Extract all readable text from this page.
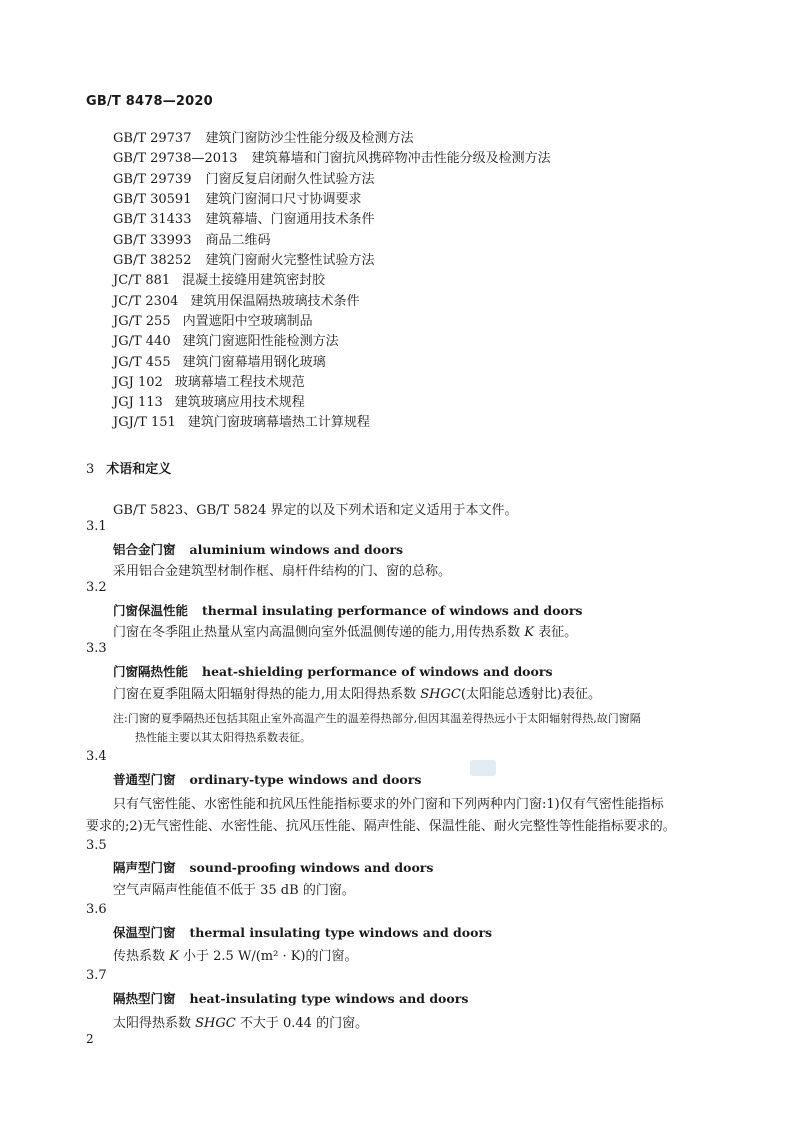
GB/T 8478—2020
GB/T 29737 建筑门窗防沙尘性能分级及检测方法
GB/T 29738—2013 建筑幕墙和门窗抗风携碎物冲击性能分级及检测方法
GB/T 29739 门窗反复启闭耐久性试验方法
GB/T 30591 建筑门窗洞口尺寸协调要求
GB/T 31433 建筑幕墙、门窗通用技术条件
GB/T 33993 商品二维码
GB/T 38252 建筑门窗耐火完整性试验方法
JC/T 881 混凝土接缝用建筑密封胶
JC/T 2304 建筑用保温隔热玻璃技术条件
JG/T 255 内置遮阳中空玻璃制品
JG/T 440 建筑门窗遮阳性能检测方法
JG/T 455 建筑门窗幕墙用钢化玻璃
JGJ 102 玻璃幕墙工程技术规范
JGJ 113 建筑玻璃应用技术规程
JGJ/T 151 建筑门窗玻璃幕墙热工计算规程
3 术语和定义
GB/T 5823、GB/T 5824 界定的以及下列术语和定义适用于本文件。
3.1
铝合金门窗 aluminium windows and doors
采用铝合金建筑型材制作框、扇杆件结构的门、窗的总称。
3.2
门窗保温性能 thermal insulating performance of windows and doors
门窗在冬季阻止热量从室内高温侧向室外低温侧传递的能力,用传热系数 K 表征。
3.3
门窗隔热性能 heat-shielding performance of windows and doors
门窗在夏季阻隔太阳辐射得热的能力,用太阳得热系数 SHGC(太阳能总透射比)表征。
注:门窗的夏季隔热还包括其阻止室外高温产生的温差得热部分,但因其温差得热远小于太阳辐射得热,故门窗隔
热性能主要以其太阳得热系数表征。
3.4
普通型门窗 ordinary-type windows and doors
只有气密性能、水密性能和抗风压性能指标要求的外门窗和下列两种内门窗:1)仅有气密性能指标
要求的;2)无气密性能、水密性能、抗风压性能、隔声性能、保温性能、耐火完整性等性能指标要求的。
3.5
隔声型门窗 sound-proofing windows and doors
空气声隔声性能值不低于 35 dB 的门窗。
3.6
保温型门窗 thermal insulating type windows and doors
传热系数 K 小于 2.5 W/(m² · K)的门窗。
3.7
隔热型门窗 heat-insulating type windows and doors
太阳得热系数 SHGC 不大于 0.44 的门窗。
2
